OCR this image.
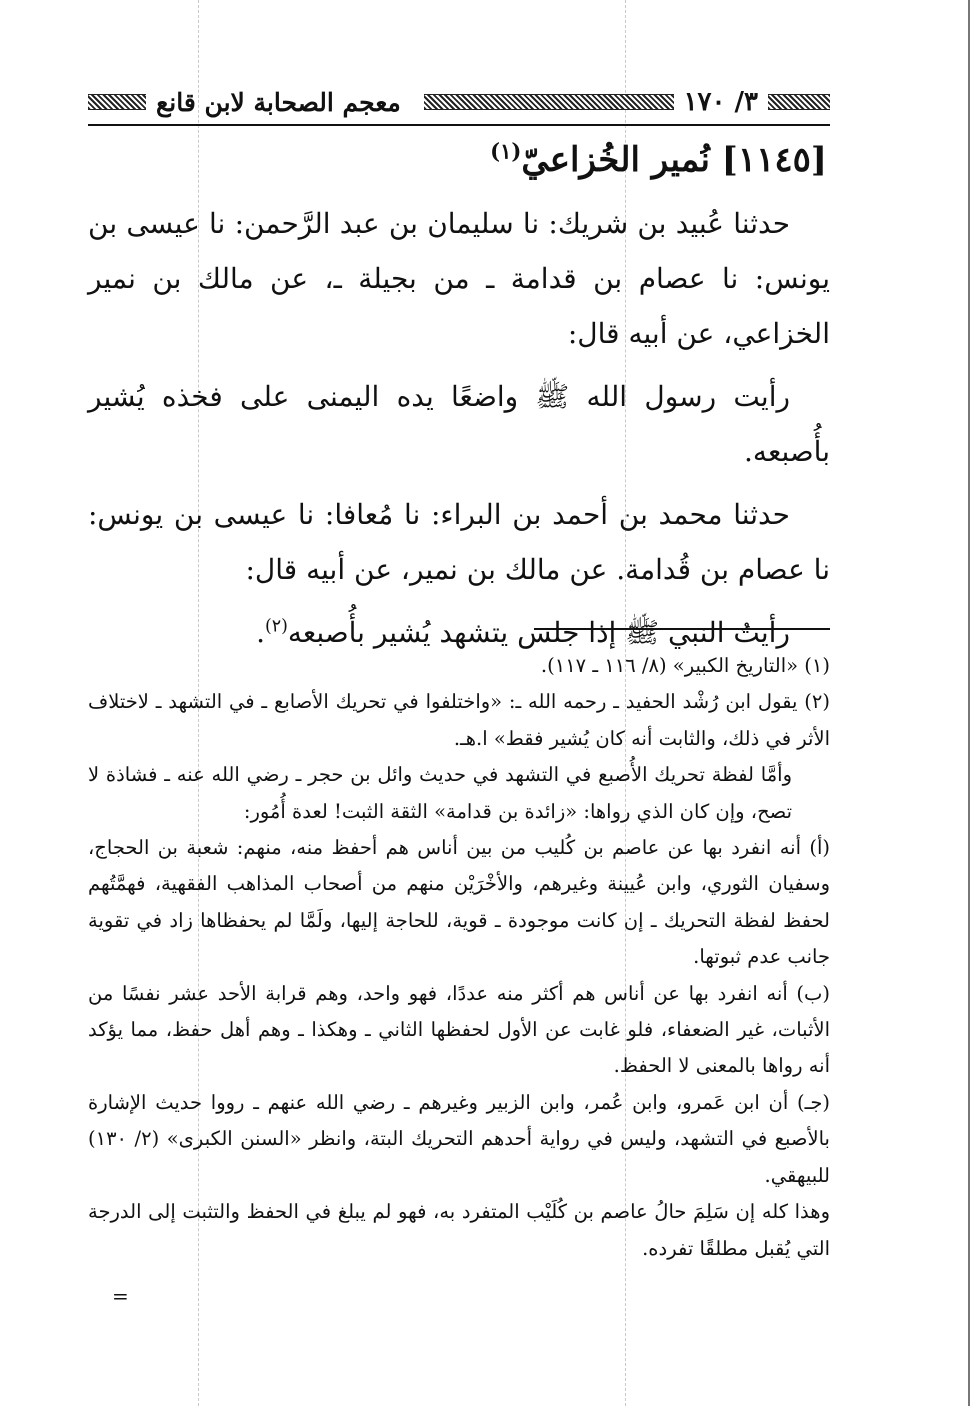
٣/ ١٧٠
معجم الصحابة لابن قانع
[١١٤٥] نُمير الخُزاعيّ$^{(١)}$

حدثنا عُبيد بن شريك: نا سليمان بن عبد الرَّحمن: نا عيسى بن يونس: نا عصام بن قدامة ـ من بجيلة ـ، عن مالك بن نمير الخزاعي، عن أبيه قال:

رأيت رسول الله ﷺ واضعًا يده اليمنى على فخذه يُشير بأُصبعه.

حدثنا محمد بن أحمد بن البراء: نا مُعافا: نا عيسى بن يونس: نا عصام بن قُدامة. عن مالك بن نمير، عن أبيه قال:

رأيتُ النبي ﷺ إذا جلس يتشهد يُشير بأُصبعه$^{(٢)}$.

(١) «التاريخ الكبير» (٨/ ١١٦ ـ ١١٧).

(٢) يقول ابن رُشْد الحفيد ـ رحمه الله ـ: «واختلفوا في تحريك الأصابع ـ في التشهد ـ لاختلاف الأثر في ذلك، والثابت أنه كان يُشير فقط» ا.هـ.

وأمَّا لفظة تحريك الأُصبع في التشهد في حديث وائل بن حجر ـ رضي الله عنه ـ فشاذة لا تصح، وإن كان الذي رواها: «زائدة بن قدامة» الثقة الثبت! لعدة أُمُور:

(أ) أنه انفرد بها عن عاصم بن كُليب من بين أناس هم أحفظ منه، منهم: شعبة بن الحجاج، وسفيان الثوري، وابن عُيينة وغيرهم، والأخْرَيْن منهم من أصحاب المذاهب الفقهية، فهمَّتُهم لحفظ لفظة التحريك ـ إن كانت موجودة ـ قوية، للحاجة إليها، ولَمَّا لم يحفظاها زاد في تقوية جانب عدم ثبوتها.

(ب) أنه انفرد بها عن أناس هم أكثر منه عددًا، فهو واحد، وهم قرابة الأحد عشر نفسًا من الأثبات، غير الضعفاء، فلو غابت عن الأول لحفظها الثاني ـ وهكذا ـ وهم أهل حفظ، مما يؤكد أنه رواها بالمعنى لا الحفظ.

(جـ) أن ابن عَمرو، وابن عُمر، وابن الزبير وغيرهم ـ رضي الله عنهم ـ رووا حديث الإشارة بالأصبع في التشهد، وليس في رواية أحدهم التحريك البتة، وانظر «السنن الكبرى» (٢/ ١٣٠) للبيهقي.

وهذا كله إن سَلِمَ حالُ عاصم بن كُلَيْب المتفرد به، فهو لم يبلغ في الحفظ والتثبت إلى الدرجة التي يُقبل مطلقًا تفرده.

=
